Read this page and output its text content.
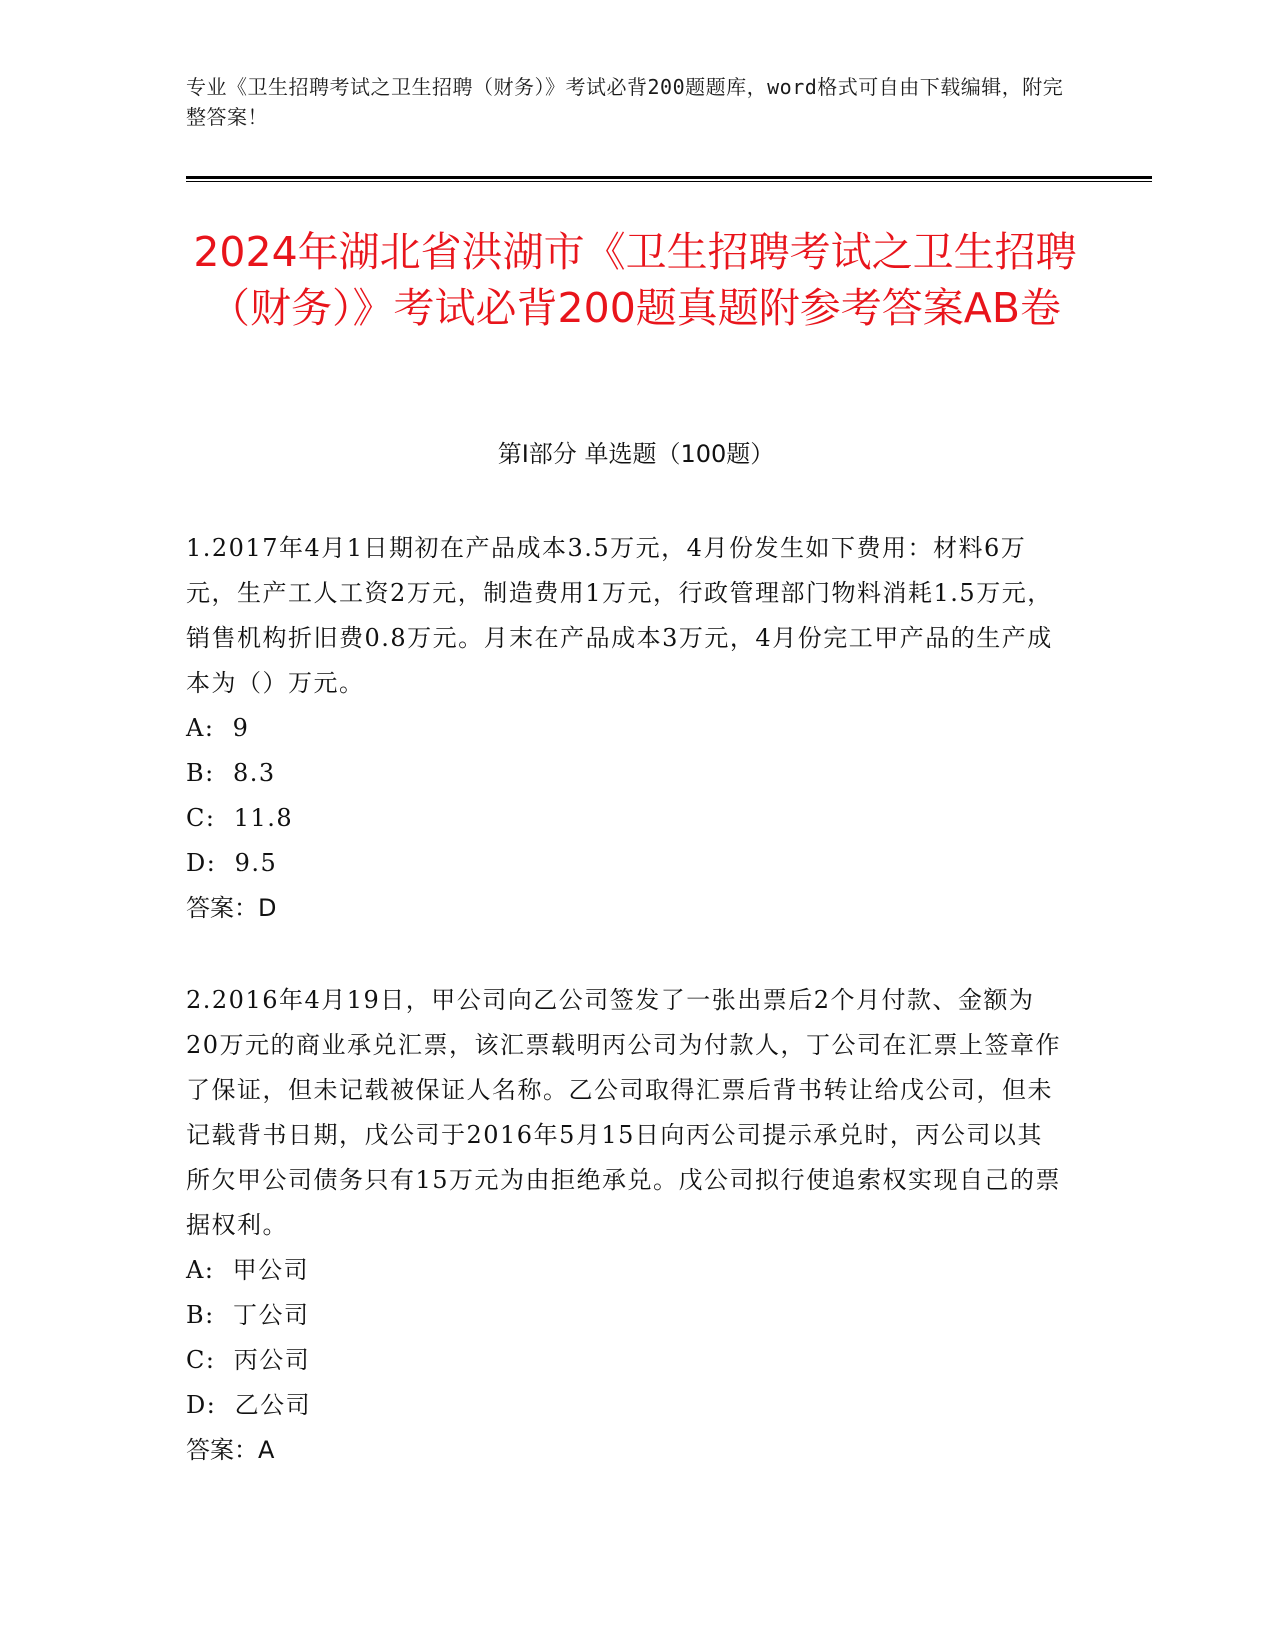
专业《卫生招聘考试之卫生招聘（财务）》考试必背200题题库，word格式可自由下载编辑，附完整答案！
2024年湖北省洪湖市《卫生招聘考试之卫生招聘（财务）》考试必背200题真题附参考答案AB卷
第Ⅰ部分 单选题（100题）

1.2017年4月1日期初在产品成本3.5万元，4月份发生如下费用：材料6万元，生产工人工资2万元，制造费用1万元，行政管理部门物料消耗1.5万元，销售机构折旧费0.8万元。月末在产品成本3万元，4月份完工甲产品的生产成本为（）万元。

A:  9

B:  8.3

C:  11.8

D:  9.5

答案：D

2.2016年4月19日，甲公司向乙公司签发了一张出票后2个月付款、金额为20万元的商业承兑汇票，该汇票载明丙公司为付款人，丁公司在汇票上签章作了保证，但未记载被保证人名称。乙公司取得汇票后背书转让给戊公司，但未记载背书日期，戊公司于2016年5月15日向丙公司提示承兑时，丙公司以其所欠甲公司债务只有15万元为由拒绝承兑。戊公司拟行使追索权实现自己的票据权利。

A:  甲公司

B:  丁公司

C:  丙公司

D:  乙公司

答案：A
